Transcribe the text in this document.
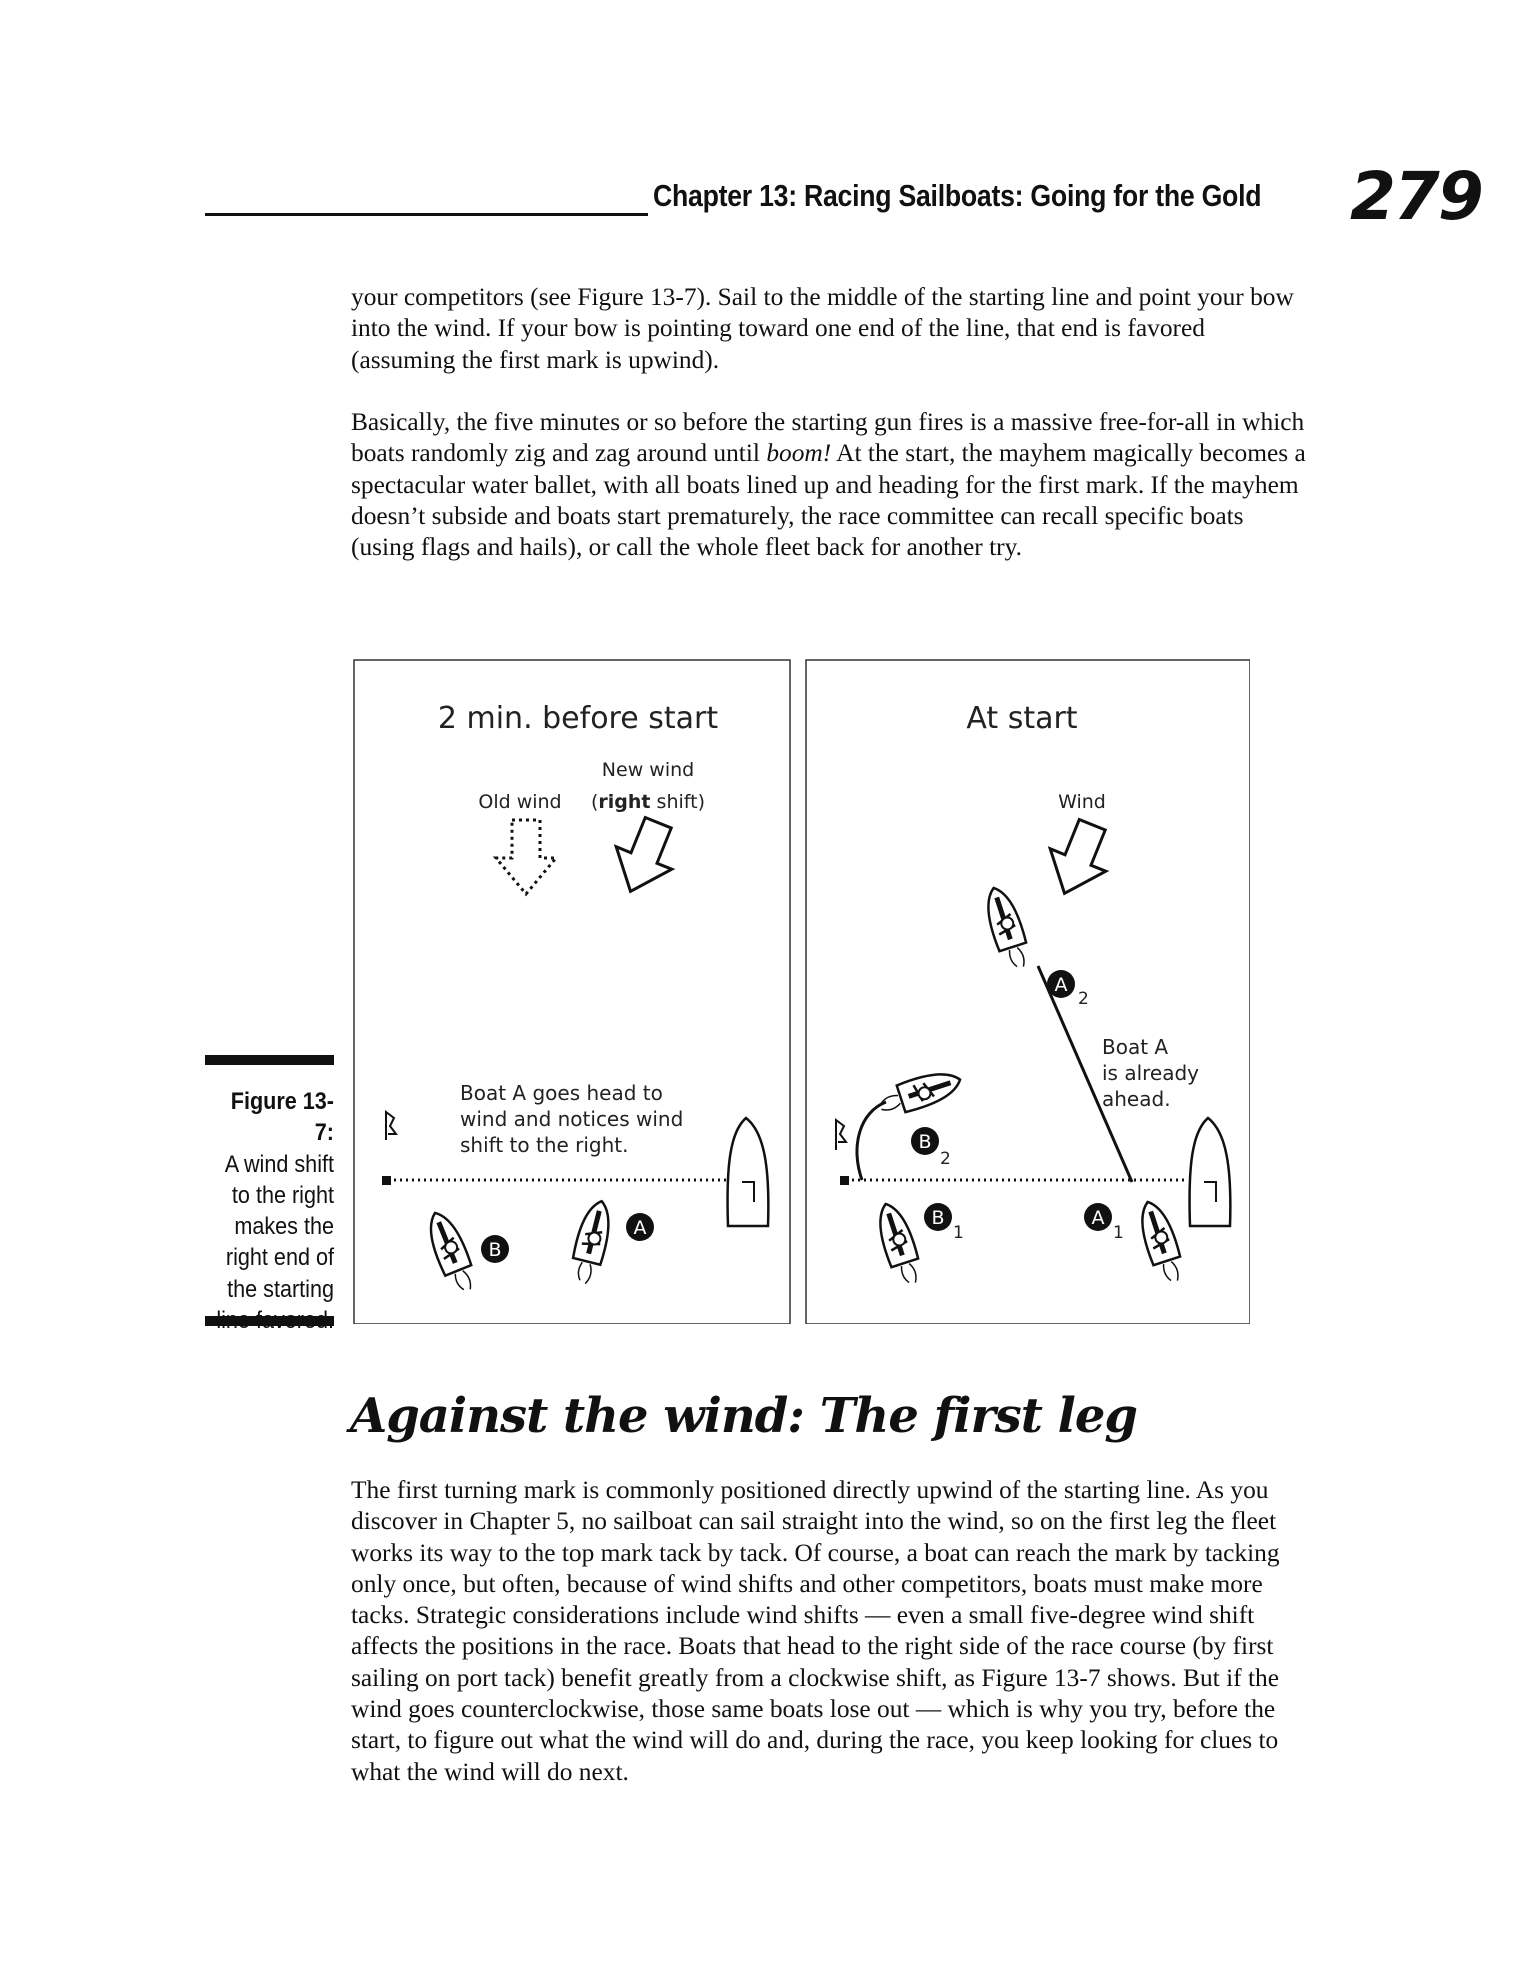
Chapter 13: Racing Sailboats: Going for the Gold 279

your competitors (see Figure 13-7). Sail to the middle of the starting line and point your bow into the wind. If your bow is pointing toward one end of the line, that end is favored (assuming the first mark is upwind).

Basically, the five minutes or so before the starting gun fires is a massive free-for-all in which boats randomly zig and zag around until boom! At the start, the mayhem magically becomes a spectacular water ballet, with all boats lined up and heading for the first mark. If the mayhem doesn’t subside and boats start prematurely, the race committee can recall specific boats (using flags and hails), or call the whole fleet back for another try.

Figure 13-7:
A wind shift to the right makes the right end of the starting
2 min. before start
Old wind
New wind
(right shift)
Boat A goes head to
wind and notices wind
shift to the right.
B
A
At start
Wind
Boat A
is already
ahead.
A
2
A
1
B
2
B
1
Against the wind: The first leg

The first turning mark is commonly positioned directly upwind of the starting line. As you discover in Chapter 5, no sailboat can sail straight into the wind, so on the first leg the fleet works its way to the top mark tack by tack. Of course, a boat can reach the mark by tacking only once, but often, because of wind shifts and other competitors, boats must make more tacks. Strategic considerations include wind shifts — even a small five-degree wind shift affects the positions in the race. Boats that head to the right side of the race course (by first sailing on port tack) benefit greatly from a clockwise shift, as Figure 13-7 shows. But if the wind goes counterclockwise, those same boats lose out — which is why you try, before the start, to figure out what the wind will do and, during the race, you keep looking for clues to what the wind will do next.
